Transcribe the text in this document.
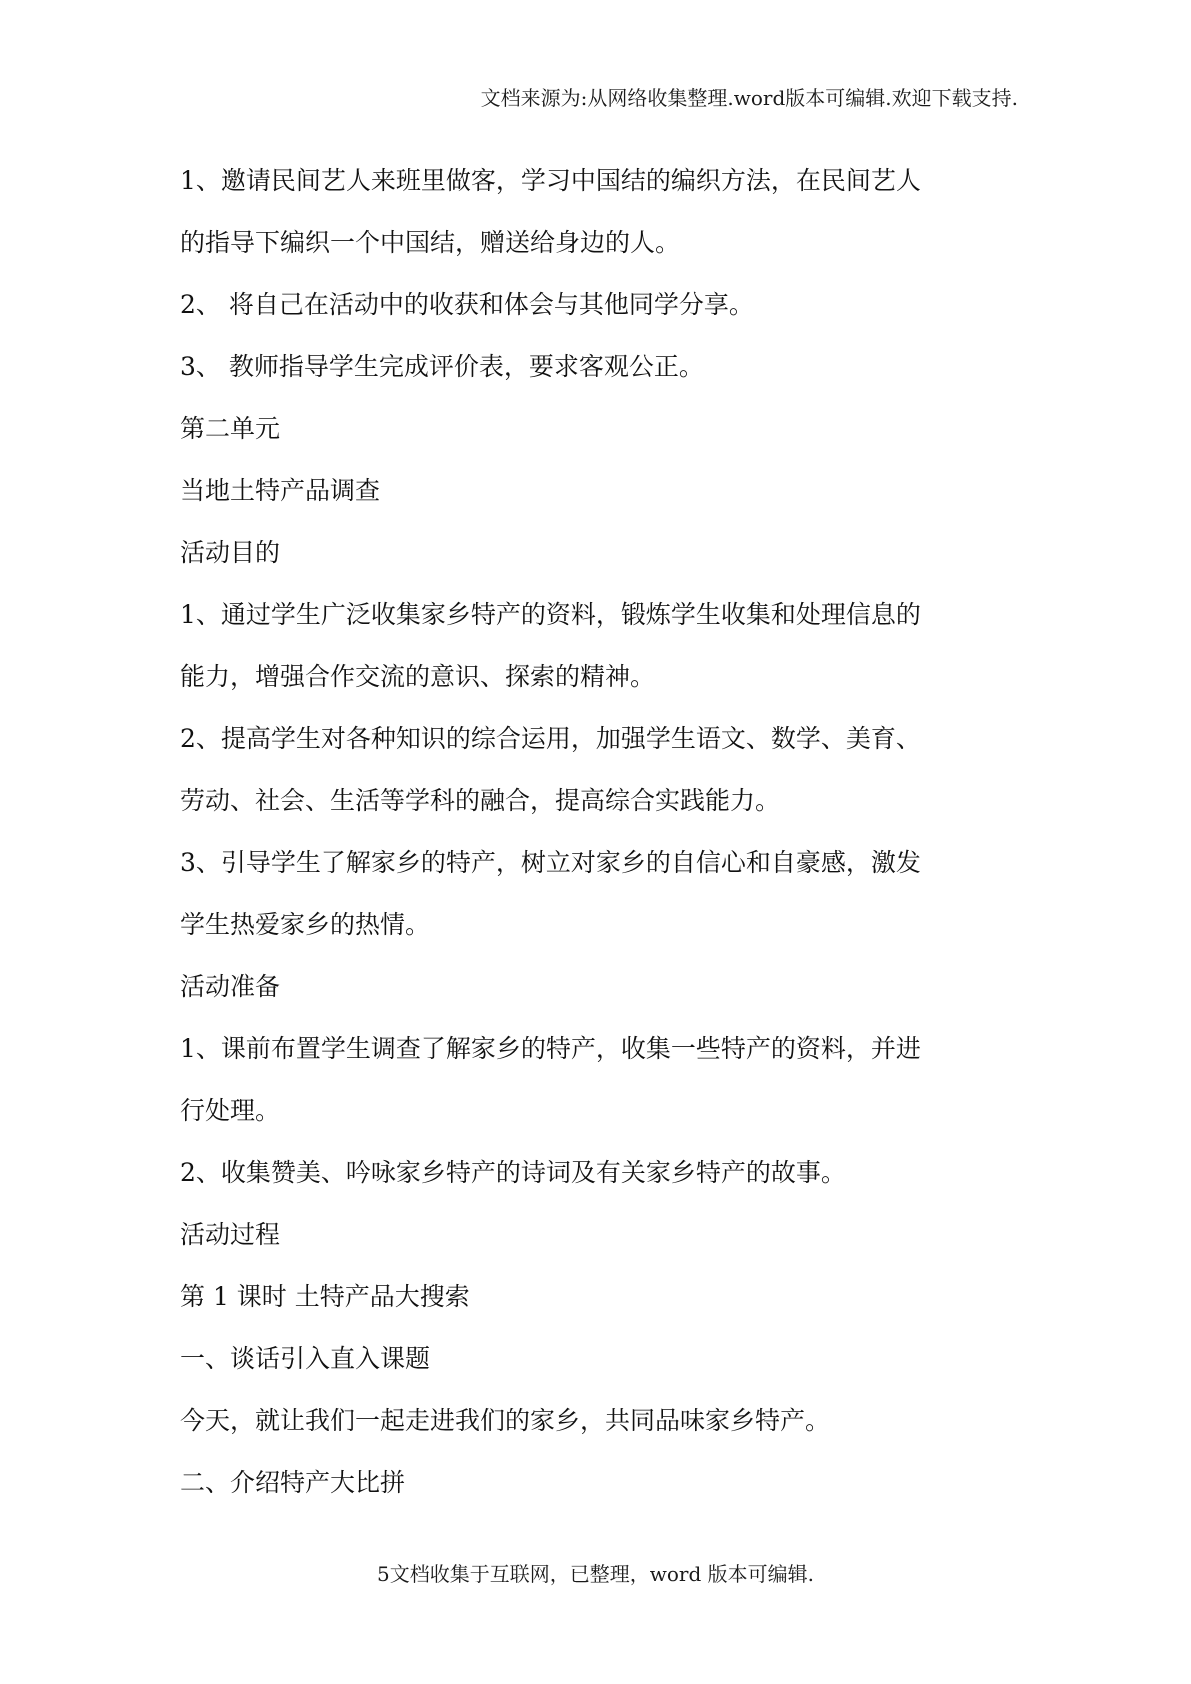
文档来源为:从网络收集整理.word版本可编辑.欢迎下载支持.

1、邀请民间艺人来班里做客，学习中国结的编织方法，在民间艺人

的指导下编织一个中国结，赠送给身边的人。

2、 将自己在活动中的收获和体会与其他同学分享。

3、 教师指导学生完成评价表，要求客观公正。

第二单元

当地土特产品调查

活动目的

1、通过学生广泛收集家乡特产的资料，锻炼学生收集和处理信息的

能力，增强合作交流的意识、探索的精神。

2、提高学生对各种知识的综合运用，加强学生语文、数学、美育、

劳动、社会、生活等学科的融合，提高综合实践能力。

3、引导学生了解家乡的特产，树立对家乡的自信心和自豪感，激发

学生热爱家乡的热情。

活动准备

1、课前布置学生调查了解家乡的特产，收集一些特产的资料，并进

行处理。

2、收集赞美、吟咏家乡特产的诗词及有关家乡特产的故事。

活动过程

第 1 课时 土特产品大搜索

一、谈话引入直入课题

今天，就让我们一起走进我们的家乡，共同品味家乡特产。

二、介绍特产大比拼

5文档收集于互联网，已整理，word 版本可编辑.
